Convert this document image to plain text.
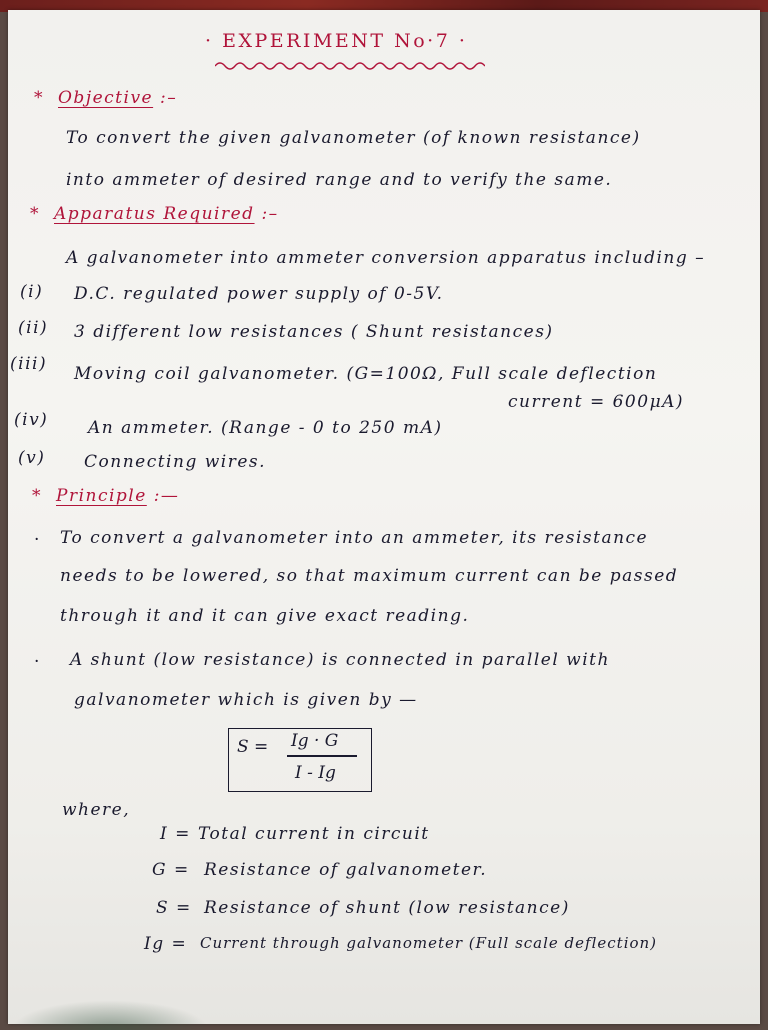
· EXPERIMENT No·7 ·
* Objective :–
To convert the given galvanometer (of known resistance)
into ammeter of desired range and to verify the same.
* Apparatus Required :–
A galvanometer into ammeter conversion apparatus including –
(i) D.C. regulated power supply of 0-5V.
(ii) 3 different low resistances ( Shunt resistances)
(iii) Moving coil galvanometer. (G=100Ω, Full scale deflection
current = 600μA)
(iv) An ammeter. (Range - 0 to 250 mA)
(v) Connecting wires.
* Principle :—
· To convert a galvanometer into an ammeter, its resistance
needs to be lowered, so that maximum current can be passed
through it and it can give exact reading.
· A shunt (low resistance) is connected in parallel with
galvanometer which is given by —
S = Ig · G
I - Ig
where,
I = Total current in circuit
G = Resistance of galvanometer.
S = Resistance of shunt (low resistance)
Ig = Current through galvanometer (Full scale deflection)
